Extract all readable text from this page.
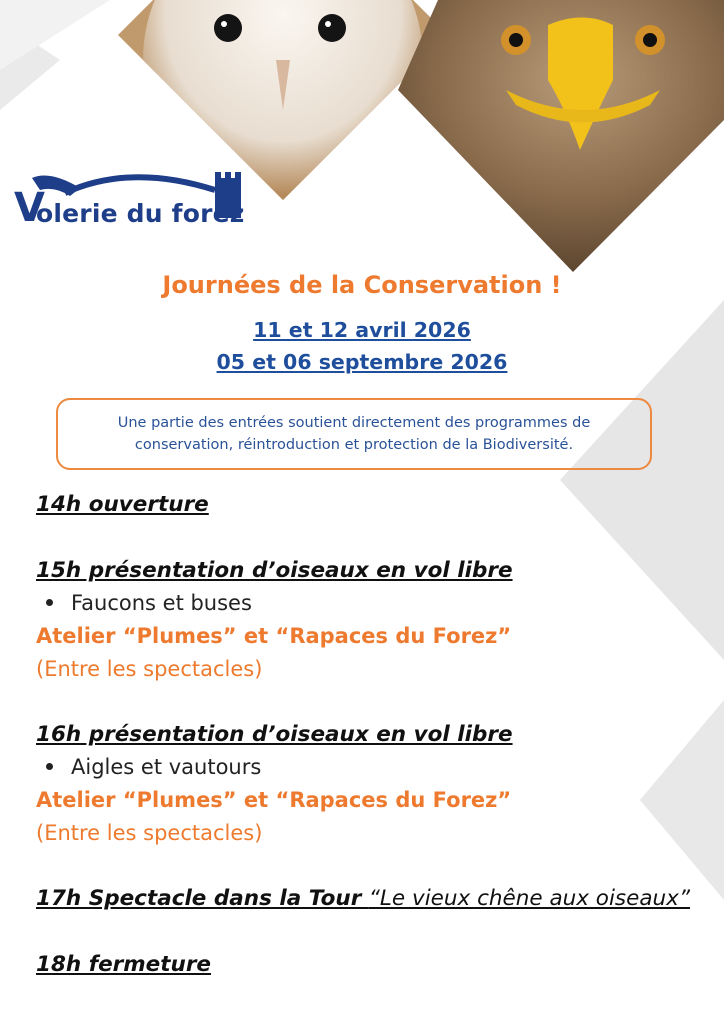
V
olerie du forez
Journées de la Conservation !
11 et 12 avril 2026
05 et 06 septembre 2026
Une partie des entrées soutient directement des programmes de conservation, réintroduction et protection de la Biodiversité.
14h ouverture
15h présentation d’oiseaux en vol libre
Faucons et buses
Atelier “Plumes” et “Rapaces du Forez”
(Entre les spectacles)
16h présentation d’oiseaux en vol libre
Aigles et vautours
Atelier “Plumes” et “Rapaces du Forez”
(Entre les spectacles)
17h Spectacle dans la Tour “Le vieux chêne aux oiseaux”
18h fermeture
